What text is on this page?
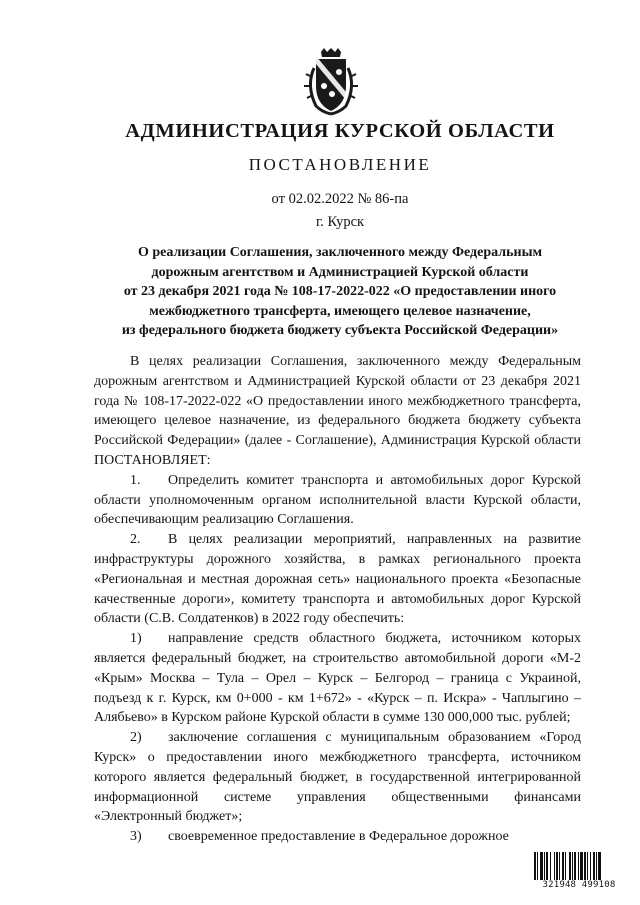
АДМИНИСТРАЦИЯ КУРСКОЙ ОБЛАСТИ
ПОСТАНОВЛЕНИЕ
от 02.02.2022 № 86-па
г. Курск
О реализации Соглашения, заключенного между Федеральным
дорожным агентством и Администрацией Курской области
от 23 декабря 2021 года № 108-17-2022-022 «О предоставлении иного
межбюджетного трансферта, имеющего целевое назначение,
из федерального бюджета бюджету субъекта Российской Федерации»

В целях реализации Соглашения, заключенного между Федеральным дорожным агентством и Администрацией Курской области от 23 декабря 2021 года № 108-17-2022-022 «О предоставлении иного межбюджетного трансферта, имеющего целевое назначение, из федерального бюджета бюджету субъекта Российской Федерации» (далее - Соглашение), Администрация Курской области ПОСТАНОВЛЯЕТ:

1. Определить комитет транспорта и автомобильных дорог Курской области уполномоченным органом исполнительной власти Курской области, обеспечивающим реализацию Соглашения.

2. В целях реализации мероприятий, направленных на развитие инфраструктуры дорожного хозяйства, в рамках регионального проекта «Региональная и местная дорожная сеть» национального проекта «Безопасные качественные дороги», комитету транспорта и автомобильных дорог Курской области (С.В. Солдатенков) в 2022 году обеспечить:

1) направление средств областного бюджета, источником которых является федеральный бюджет, на строительство автомобильной дороги «М-2 «Крым» Москва – Тула – Орел – Курск – Белгород – граница с Украиной, подъезд к г. Курск, км 0+000 - км 1+672» - «Курск – п. Искра» - Чаплыгино – Алябьево» в Курском районе Курской области в сумме 130 000,000 тыс. рублей;

2) заключение соглашения с муниципальным образованием «Город Курск» о предоставлении иного межбюджетного трансферта, источником которого является федеральный бюджет, в государственной интегрированной информационной системе управления общественными финансами «Электронный бюджет»;

3) своевременное предоставление в Федеральное дорожное

321948 499108
